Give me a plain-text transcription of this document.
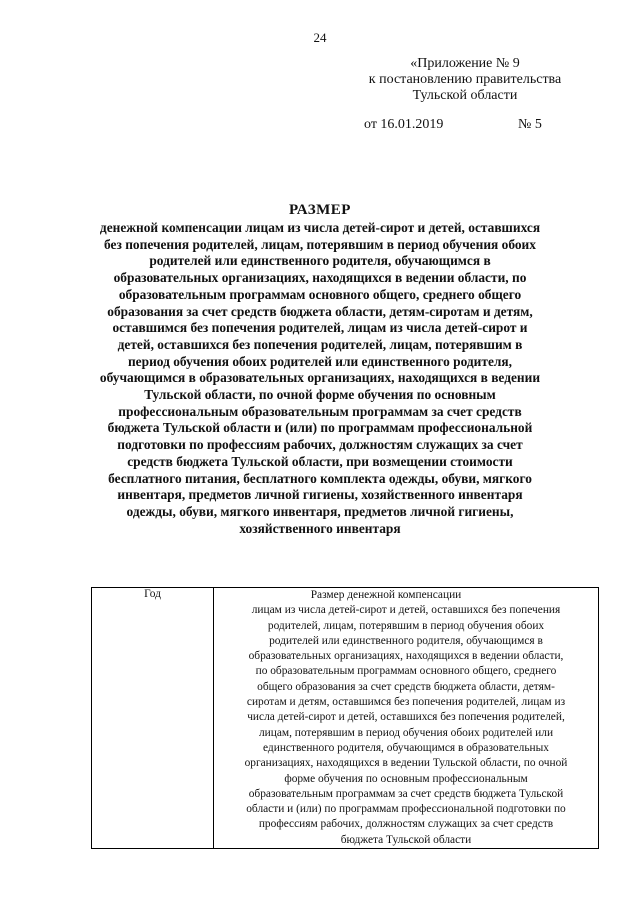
24
«Приложение № 9
к постановлению правительства
Тульской области
от 16.01.2019	№ 5
РАЗМЕР
денежной компенсации лицам из числа детей-сирот и детей, оставшихся
без попечения родителей, лицам, потерявшим в период обучения обоих
родителей или единственного родителя, обучающимся в
образовательных организациях, находящихся в ведении области, по
образовательным программам основного общего, среднего общего
образования за счет средств бюджета области, детям-сиротам и детям,
оставшимся без попечения родителей, лицам из числа детей-сирот и
детей, оставшихся без попечения родителей, лицам, потерявшим в
период обучения обоих родителей или единственного родителя,
обучающимся в образовательных организациях, находящихся в ведении
Тульской области, по очной форме обучения по основным
профессиональным образовательным программам за счет средств
бюджета Тульской области и (или) по программам профессиональной
подготовки по профессиям рабочих, должностям служащих за счет
средств бюджета Тульской области, при возмещении стоимости
бесплатного питания, бесплатного комплекта одежды, обуви, мягкого
инвентаря, предметов личной гигиены, хозяйственного инвентаря
одежды, обуви, мягкого инвентаря, предметов личной гигиены,
хозяйственного инвентаря
Год	Размер денежной компенсации
лицам из числа детей-сирот и детей, оставшихся без попечения
родителей, лицам, потерявшим в период обучения обоих
родителей или единственного родителя, обучающимся в
образовательных организациях, находящихся в ведении области,
по образовательным программам основного общего, среднего
общего образования за счет средств бюджета области, детям-
сиротам и детям, оставшимся без попечения родителей, лицам из
числа детей-сирот и детей, оставшихся без попечения родителей,
лицам, потерявшим в период обучения обоих родителей или
единственного родителя, обучающимся в образовательных
организациях, находящихся в ведении Тульской области, по очной
форме обучения по основным профессиональным
образовательным программам за счет средств бюджета Тульской
области и (или) по программам профессиональной подготовки по
профессиям рабочих, должностям служащих за счет средств
бюджета Тульской области
